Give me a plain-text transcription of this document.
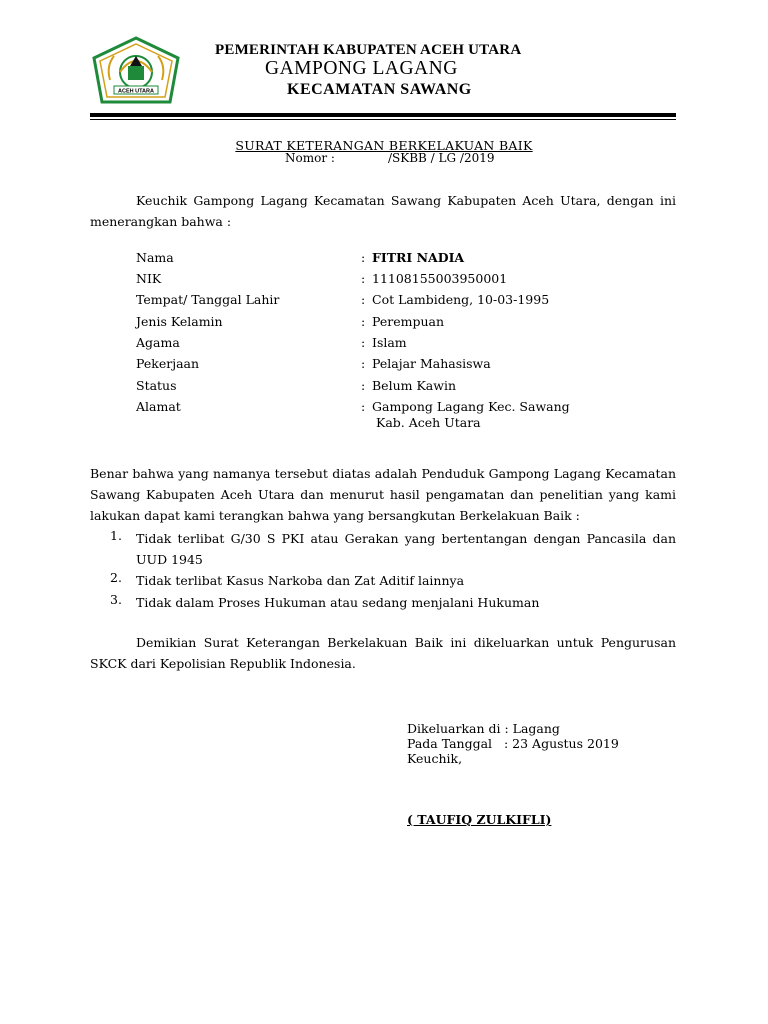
ACEH UTARA
PEMERINTAH KABUPATEN ACEH UTARA
GAMPONG LAGANG
KECAMATAN SAWANG
SURAT KETERANGAN BERKELAKUAN BAIK
Nomor :	/SKBB / LG /2019
Keuchik Gampong Lagang Kecamatan Sawang Kabupaten Aceh Utara, dengan ini menerangkan bahwa :
Nama	: FITRI NADIA
NIK	: 11108155003950001
Tempat/ Tanggal Lahir	: Cot Lambideng, 10-03-1995
Jenis Kelamin	: Perempuan
Agama	: Islam
Pekerjaan	: Pelajar Mahasiswa
Status	: Belum Kawin
Alamat	: Gampong Lagang Kec. Sawang
Kab. Aceh Utara
Benar bahwa yang namanya tersebut diatas adalah Penduduk Gampong Lagang Kecamatan Sawang Kabupaten Aceh Utara dan menurut hasil pengamatan dan penelitian yang kami lakukan dapat kami terangkan bahwa yang bersangkutan Berkelakuan Baik :
1. Tidak terlibat G/30 S PKI atau Gerakan yang bertentangan dengan Pancasila dan UUD 1945
2. Tidak terlibat Kasus Narkoba dan Zat Aditif lainnya
3. Tidak dalam Proses Hukuman atau sedang menjalani Hukuman
Demikian Surat Keterangan Berkelakuan Baik ini dikeluarkan untuk Pengurusan SKCK dari Kepolisian Republik Indonesia.
Dikeluarkan di : Lagang
Pada Tanggal   : 23 Agustus 2019
Keuchik,
( TAUFIQ ZULKIFLI)
